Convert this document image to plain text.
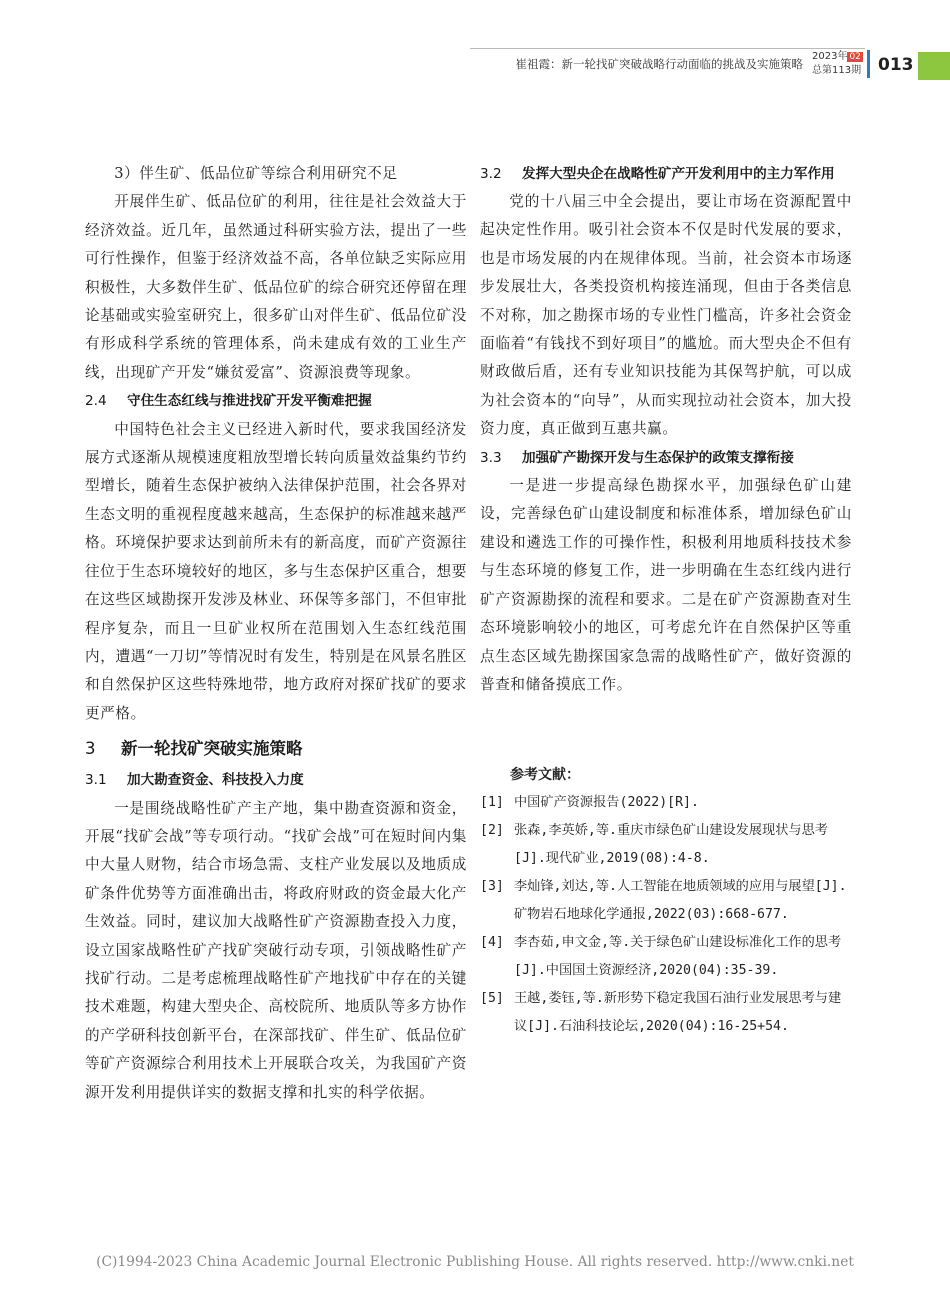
崔祖霞：新一轮找矿突破战略行动面临的挑战及实施策略
2023年 02
总第113期 013

3）伴生矿、低品位矿等综合利用研究不足

开展伴生矿、低品位矿的利用，往往是社会效益大于经济效益。近几年，虽然通过科研实验方法，提出了一些可行性操作，但鉴于经济效益不高，各单位缺乏实际应用积极性，大多数伴生矿、低品位矿的综合研究还停留在理论基础或实验室研究上，很多矿山对伴生矿、低品位矿没有形成科学系统的管理体系，尚未建成有效的工业生产线，出现矿产开发“嫌贫爱富”、资源浪费等现象。

2.4 守住生态红线与推进找矿开发平衡难把握

中国特色社会主义已经进入新时代，要求我国经济发展方式逐渐从规模速度粗放型增长转向质量效益集约节约型增长，随着生态保护被纳入法律保护范围，社会各界对生态文明的重视程度越来越高，生态保护的标准越来越严格。环境保护要求达到前所未有的新高度，而矿产资源往往位于生态环境较好的地区，多与生态保护区重合，想要在这些区域勘探开发涉及林业、环保等多部门，不但审批程序复杂，而且一旦矿业权所在范围划入生态红线范围内，遭遇“一刀切”等情况时有发生，特别是在风景名胜区和自然保护区这些特殊地带，地方政府对探矿找矿的要求更严格。

3 新一轮找矿突破实施策略

3.1 加大勘查资金、科技投入力度

一是围绕战略性矿产主产地，集中勘查资源和资金，开展“找矿会战”等专项行动。“找矿会战”可在短时间内集中大量人财物，结合市场急需、支柱产业发展以及地质成矿条件优势等方面准确出击，将政府财政的资金最大化产生效益。同时，建议加大战略性矿产资源勘查投入力度，设立国家战略性矿产找矿突破行动专项，引领战略性矿产找矿行动。二是考虑梳理战略性矿产地找矿中存在的关键技术难题，构建大型央企、高校院所、地质队等多方协作的产学研科技创新平台，在深部找矿、伴生矿、低品位矿等矿产资源综合利用技术上开展联合攻关，为我国矿产资源开发利用提供详实的数据支撑和扎实的科学依据。

3.2 发挥大型央企在战略性矿产开发利用中的主力军作用

党的十八届三中全会提出，要让市场在资源配置中起决定性作用。吸引社会资本不仅是时代发展的要求，也是市场发展的内在规律体现。当前，社会资本市场逐步发展壮大，各类投资机构接连涌现，但由于各类信息不对称，加之勘探市场的专业性门槛高，许多社会资金面临着“有钱找不到好项目”的尴尬。而大型央企不但有财政做后盾，还有专业知识技能为其保驾护航，可以成为社会资本的“向导”，从而实现拉动社会资本，加大投资力度，真正做到互惠共赢。

3.3 加强矿产勘探开发与生态保护的政策支撑衔接

一是进一步提高绿色勘探水平，加强绿色矿山建设，完善绿色矿山建设制度和标准体系，增加绿色矿山建设和遴选工作的可操作性，积极利用地质科技技术参与生态环境的修复工作，进一步明确在生态红线内进行矿产资源勘探的流程和要求。二是在矿产资源勘查对生态环境影响较小的地区，可考虑允许在自然保护区等重点生态区域先勘探国家急需的战略性矿产，做好资源的普查和储备摸底工作。

参考文献：

[1] 中国矿产资源报告(2022)[R].
[2] 张森,李英娇,等.重庆市绿色矿山建设发展现状与思考[J].现代矿业,2019(08):4-8.
[3] 李灿锋,刘达,等.人工智能在地质领域的应用与展望[J].矿物岩石地球化学通报,2022(03):668-677.
[4] 李杏茹,申文金,等.关于绿色矿山建设标准化工作的思考[J].中国国土资源经济,2020(04):35-39.
[5] 王越,娄钰,等.新形势下稳定我国石油行业发展思考与建议[J].石油科技论坛,2020(04):16-25+54.
(C)1994-2023 China Academic Journal Electronic Publishing House. All rights reserved. http://www.cnki.net
